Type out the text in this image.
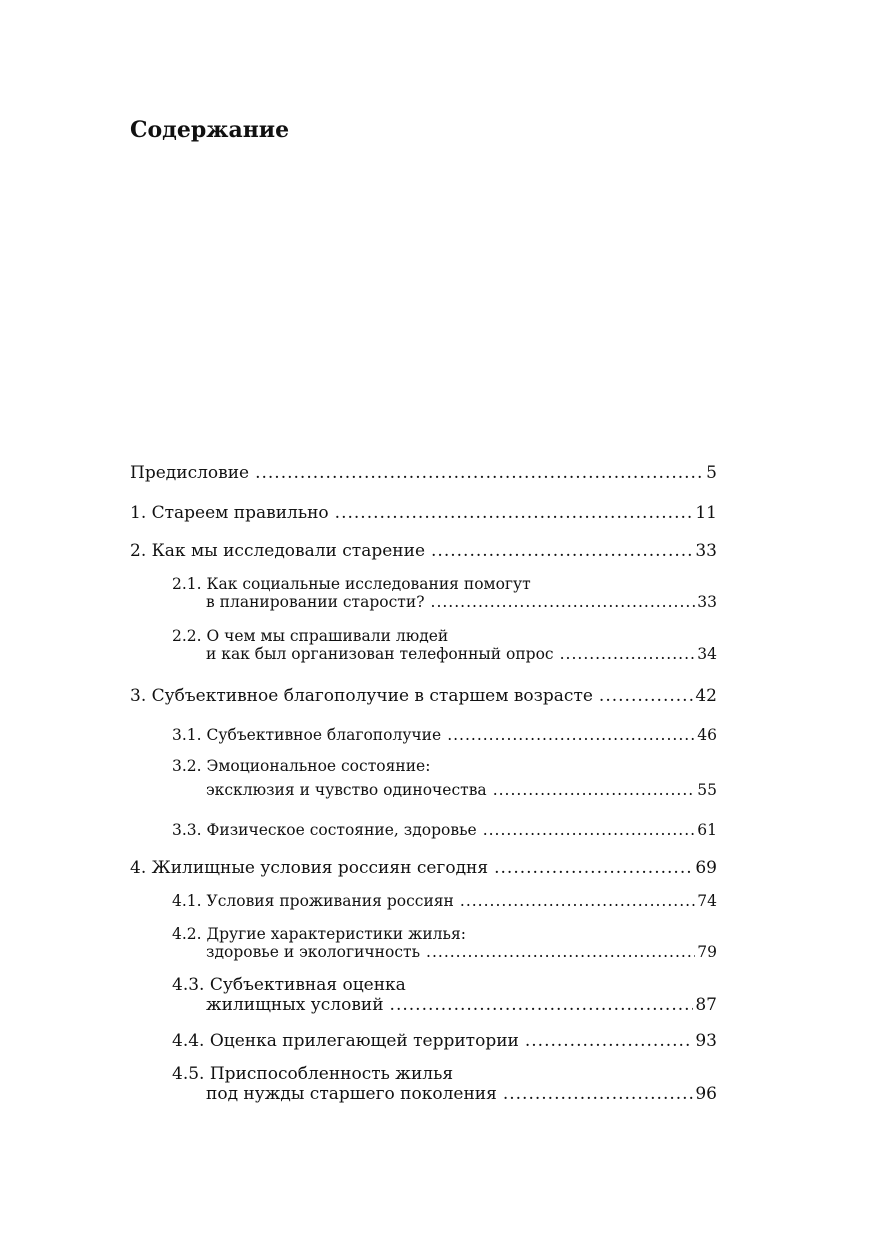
Содержание
Предисловие .....	5
1. Стареем правильно .....	11
2. Как мы исследовали старение .....	33
2.1. Как социальные исследования помогут
в планировании старости? .....	33
2.2. О чем мы спрашивали людей
и как был организован телефонный опрос .....	34
3. Субъективное благополучие в старшем возрасте .....	42
3.1. Субъективное благополучие .....	46
3.2. Эмоциональное состояние:
эксклюзия и чувство одиночества .....	55
3.3. Физическое состояние, здоровье .....	61
4. Жилищные условия россиян сегодня .....	69
4.1. Условия проживания россиян .....	74
4.2. Другие характеристики жилья:
здоровье и экологичность .....	79
4.3. Субъективная оценка
жилищных условий .....	87
4.4. Оценка прилегающей территории .....	93
4.5. Приспособленность жилья
под нужды старшего поколения .....	96
